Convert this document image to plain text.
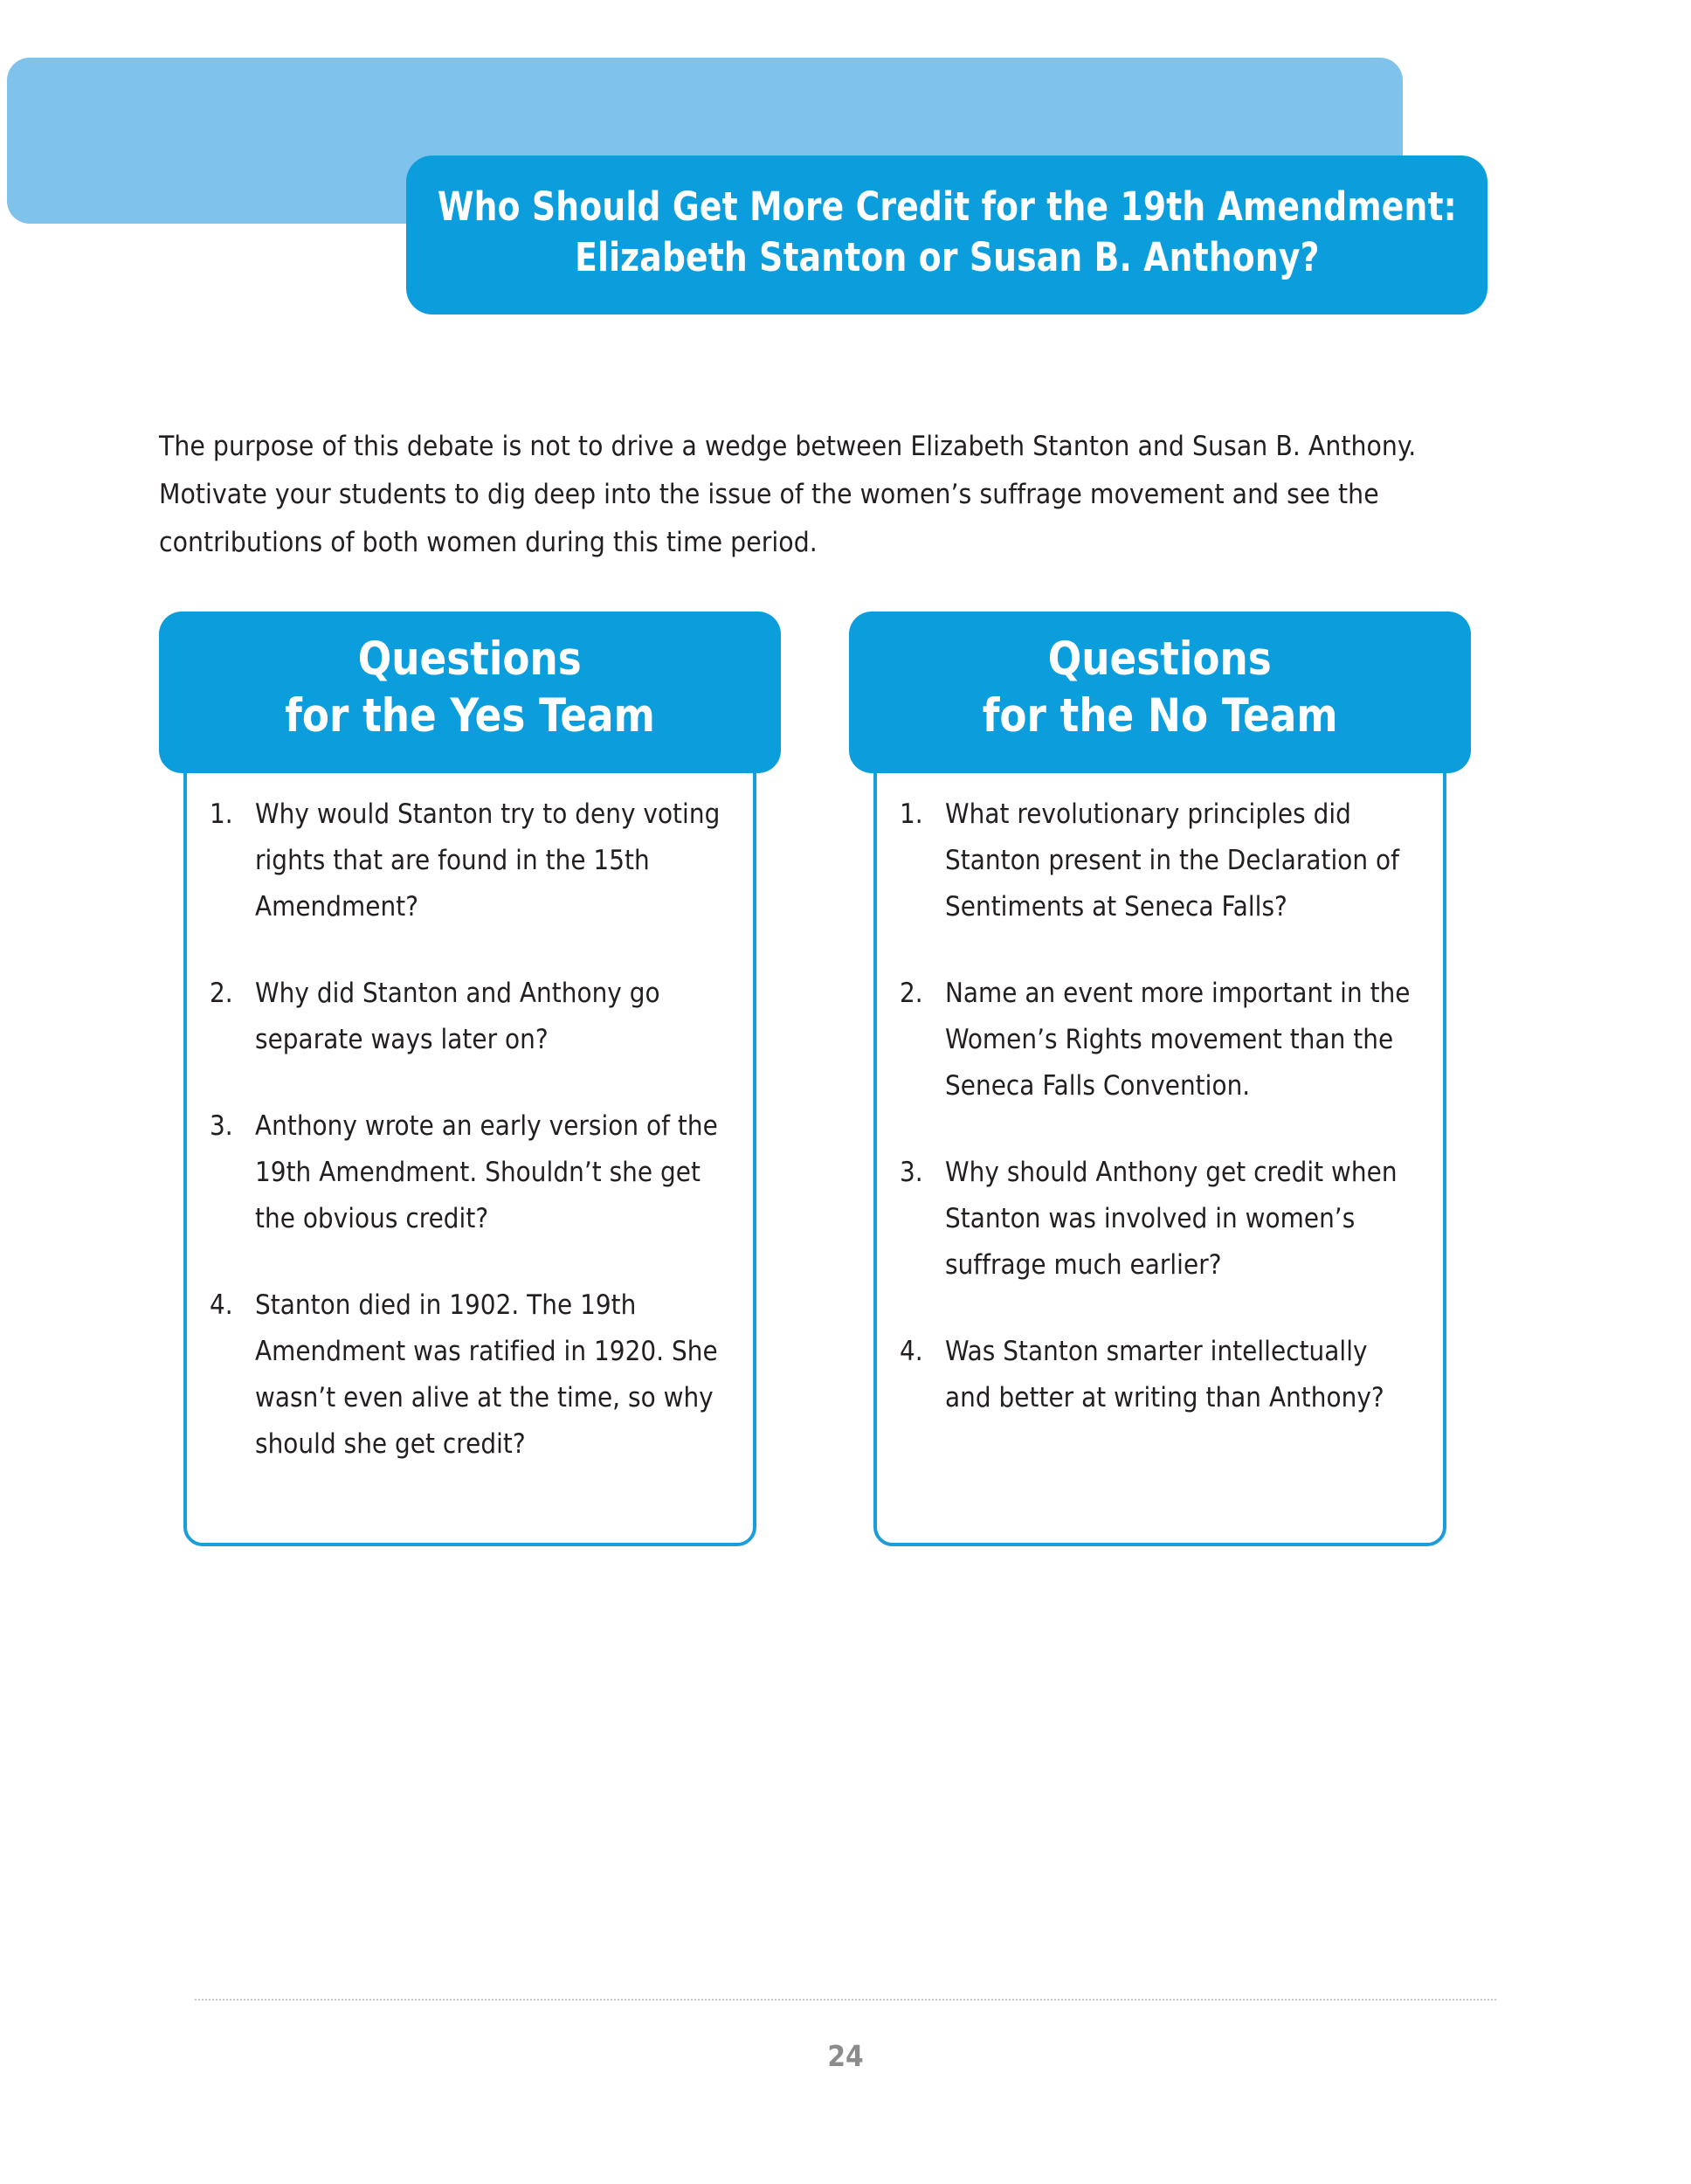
Who Should Get More Credit for the 19th Amendment:
Elizabeth Stanton or Susan B. Anthony?

The purpose of this debate is not to drive a wedge between Elizabeth Stanton and Susan B. Anthony. Motivate your students to dig deep into the issue of the women’s suffrage movement and see the contributions of both women during this time period.

1. Why would Stanton try to deny voting rights that are found in the 15th Amendment?
2. Why did Stanton and Anthony go separate ways later on?
3. Anthony wrote an early version of the 19th Amendment. Shouldn’t she get the obvious credit?
4. Stanton died in 1902. The 19th Amendment was ratified in 1920. She wasn’t even alive at the time, so why should she get credit?
Questions
for the Yes Team
1. What revolutionary principles did Stanton present in the Declaration of Sentiments at Seneca Falls?
2. Name an event more important in the Women’s Rights movement than the Seneca Falls Convention.
3. Why should Anthony get credit when Stanton was involved in women’s suffrage much earlier?
4. Was Stanton smarter intellectually and better at writing than Anthony?
Questions
for the No Team
24
